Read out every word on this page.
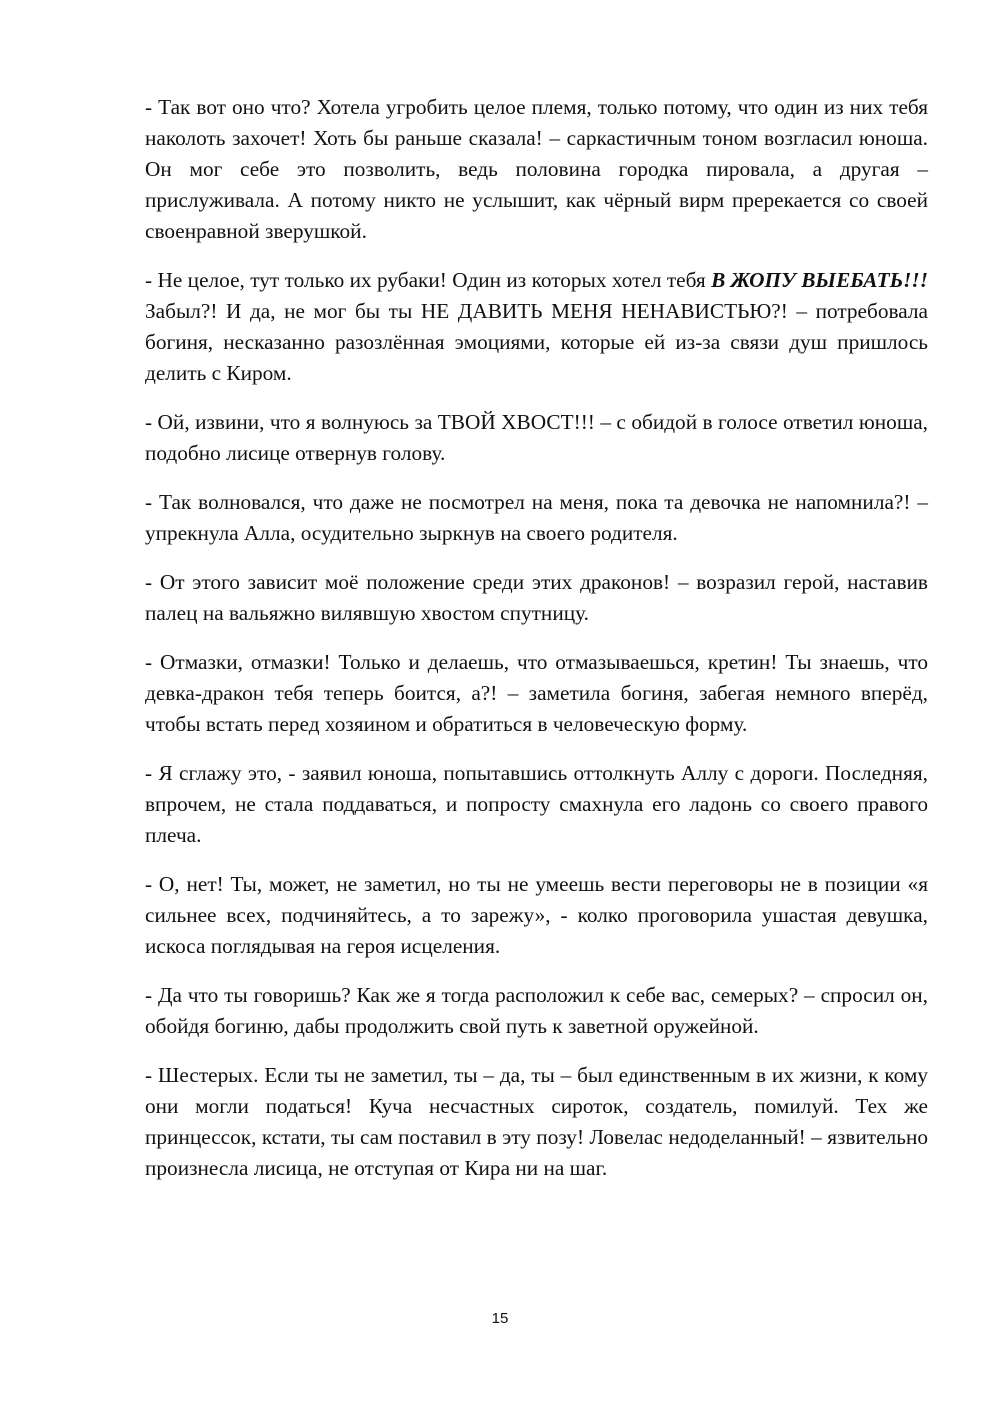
- Так вот оно что? Хотела угробить целое племя, только потому, что один из них тебя наколоть захочет! Хоть бы раньше сказала! – саркастичным тоном возгласил юноша. Он мог себе это позволить, ведь половина городка пировала, а другая – прислуживала. А потому никто не услышит, как чёрный вирм пререкается со своей своенравной зверушкой.

- Не целое, тут только их рубаки! Один из которых хотел тебя В ЖОПУ ВЫЕБАТЬ!!! Забыл?! И да, не мог бы ты НЕ ДАВИТЬ МЕНЯ НЕНАВИСТЬЮ?! – потребовала богиня, несказанно разозлённая эмоциями, которые ей из-за связи душ пришлось делить с Киром.

- Ой, извини, что я волнуюсь за ТВОЙ ХВОСТ!!! – с обидой в голосе ответил юноша, подобно лисице отвернув голову.

- Так волновался, что даже не посмотрел на меня, пока та девочка не напомнила?! – упрекнула Алла, осудительно зыркнув на своего родителя.

- От этого зависит моё положение среди этих драконов! – возразил герой, наставив палец на вальяжно вилявшую хвостом спутницу.

- Отмазки, отмазки! Только и делаешь, что отмазываешься, кретин! Ты знаешь, что девка-дракон тебя теперь боится, а?! – заметила богиня, забегая немного вперёд, чтобы встать перед хозяином и обратиться в человеческую форму.

- Я сглажу это, - заявил юноша, попытавшись оттолкнуть Аллу с дороги. Последняя, впрочем, не стала поддаваться, и попросту смахнула его ладонь со своего правого плеча.

- О, нет! Ты, может, не заметил, но ты не умеешь вести переговоры не в позиции «я сильнее всех, подчиняйтесь, а то зарежу», - колко проговорила ушастая девушка, искоса поглядывая на героя исцеления.

- Да что ты говоришь? Как же я тогда расположил к себе вас, семерых? – спросил он, обойдя богиню, дабы продолжить свой путь к заветной оружейной.

- Шестерых. Если ты не заметил, ты – да, ты – был единственным в их жизни, к кому они могли податься! Куча несчастных сироток, создатель, помилуй. Тех же принцессок, кстати, ты сам поставил в эту позу! Ловелас недоделанный! – язвительно произнесла лисица, не отступая от Кира ни на шаг.

15
